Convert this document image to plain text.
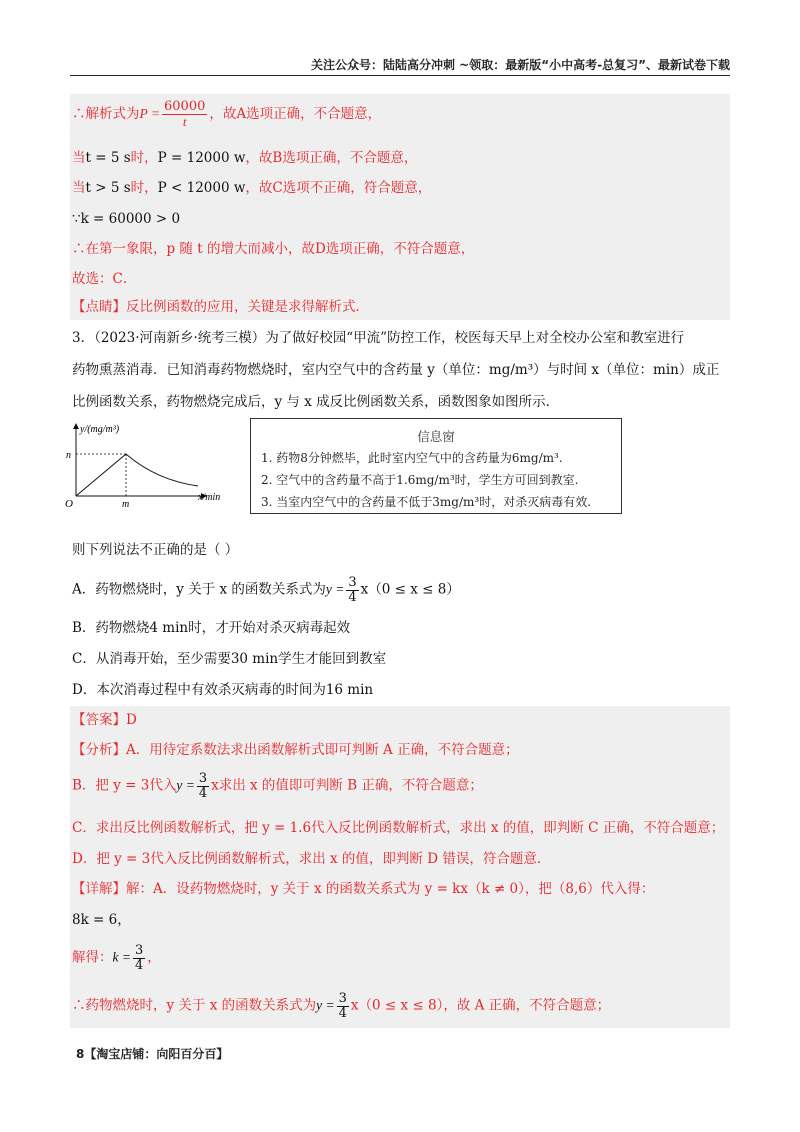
关注公众号：陆陆高分冲刺 ~领取：最新版“小中高考-总复习”、最新试卷下载
∴解析式为$P = \frac{60000}{t}$ ，故A选项正确，不合题意，
当t = 5 s时，P = 12000 w，故B选项正确，不合题意，
当t > 5 s时，P < 12000 w，故C选项不正确，符合题意，
∵k = 60000 > 0
∴在第一象限，p 随 t 的增大而减小，故D选项正确，不符合题意，
故选：C．
【点睛】反比例函数的应用，关键是求得解析式．
3．（2023·河南新乡·统考三模）为了做好校园“甲流”防控工作，校医每天早上对全校办公室和教室进行
药物熏蒸消毒．已知消毒药物燃烧时，室内空气中的含药量 y（单位：mg/m³）与时间 x（单位：min）成正
比例函数关系，药物燃烧完成后，y 与 x 成反比例函数关系，函数图象如图所示．
y/(mg/m³)
n
O	m
x/min
信息窗
1. 药物8分钟燃毕，此时室内空气中的含药量为6mg/m³.
2. 空气中的含药量不高于1.6mg/m³时，学生方可回到教室.
3. 当室内空气中的含药量不低于3mg/m³时，对杀灭病毒有效.
则下列说法不正确的是（ ）
A．药物燃烧时，y 关于 x 的函数关系式为$y = \frac{3}{4} x(0 \le x \le 8)$
B．药物燃烧4 min时，才开始对杀灭病毒起效
C．从消毒开始，至少需要30 min学生才能回到教室
D．本次消毒过程中有效杀灭病毒的时间为16 min
【答案】D
【分析】A．用待定系数法求出函数解析式即可判断 A 正确，不符合题意；
B．把 y = 3代入$y = \frac{3}{4}$ x求出 x 的值即可判断 B 正确，不符合题意；
C．求出反比例函数解析式，把 y = 1.6代入反比例函数解析式，求出 x 的值，即判断 C 正确，不符合题意；
D．把 y = 3代入反比例函数解析式，求出 x 的值，即判断 D 错误，符合题意．
【详解】解：A．设药物燃烧时，y 关于 x 的函数关系式为 y = kx（k ≠ 0），把（8,6）代入得：
8k = 6，
解得：$k = \frac{3}{4}$ ，
∴药物燃烧时，y 关于 x 的函数关系式为$y = \frac{3}{4} x(0 \le x \le 8)$，故 A 正确，不符合题意；
8【淘宝店铺：向阳百分百】
